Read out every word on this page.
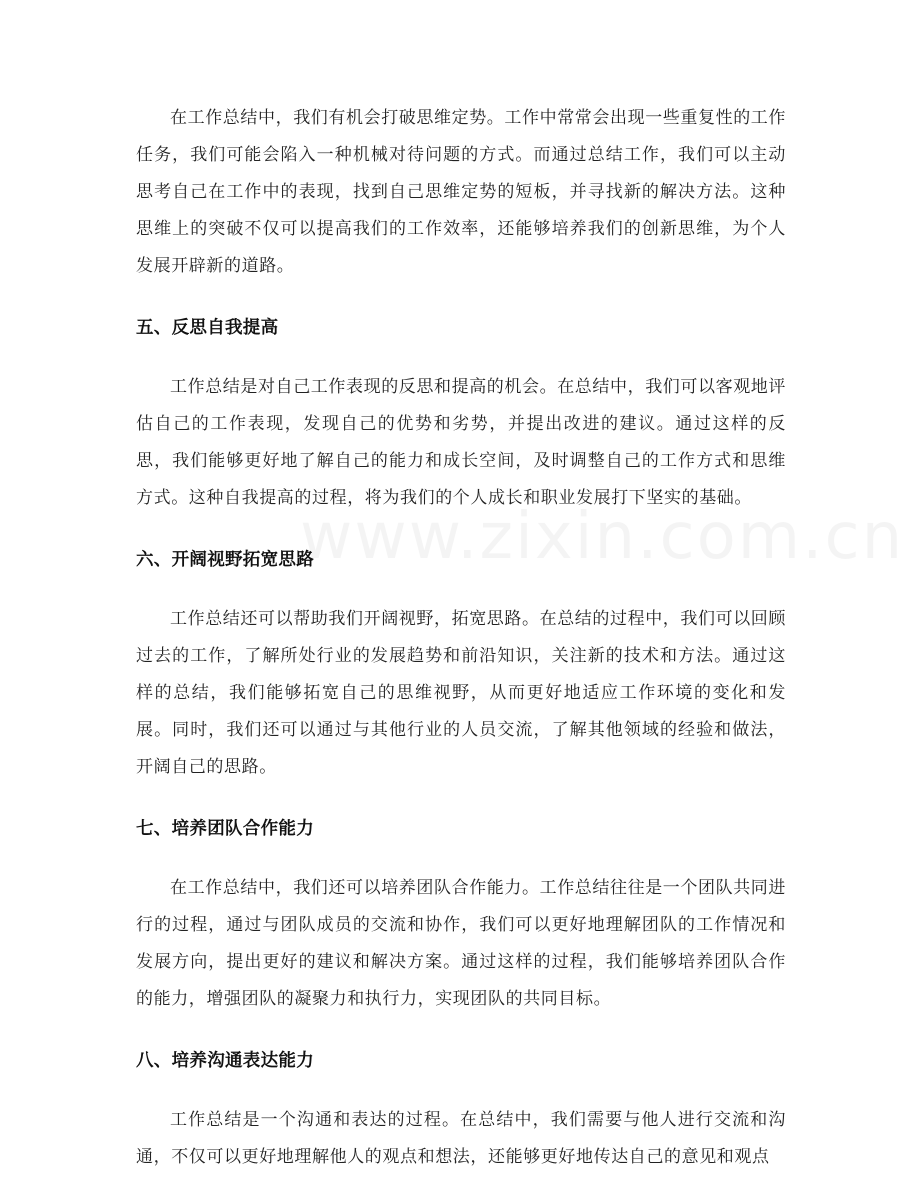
在工作总结中，我们有机会打破思维定势。工作中常常会出现一些重复性的工作任务，我们可能会陷入一种机械对待问题的方式。而通过总结工作，我们可以主动思考自己在工作中的表现，找到自己思维定势的短板，并寻找新的解决方法。这种思维上的突破不仅可以提高我们的工作效率，还能够培养我们的创新思维，为个人发展开辟新的道路。

五、反思自我提高

工作总结是对自己工作表现的反思和提高的机会。在总结中，我们可以客观地评估自己的工作表现，发现自己的优势和劣势，并提出改进的建议。通过这样的反思，我们能够更好地了解自己的能力和成长空间，及时调整自己的工作方式和思维方式。这种自我提高的过程，将为我们的个人成长和职业发展打下坚实的基础。

六、开阔视野拓宽思路

工作总结还可以帮助我们开阔视野，拓宽思路。在总结的过程中，我们可以回顾过去的工作，了解所处行业的发展趋势和前沿知识，关注新的技术和方法。通过这样的总结，我们能够拓宽自己的思维视野，从而更好地适应工作环境的变化和发展。同时，我们还可以通过与其他行业的人员交流，了解其他领域的经验和做法，开阔自己的思路。

七、培养团队合作能力

在工作总结中，我们还可以培养团队合作能力。工作总结往往是一个团队共同进行的过程，通过与团队成员的交流和协作，我们可以更好地理解团队的工作情况和发展方向，提出更好的建议和解决方案。通过这样的过程，我们能够培养团队合作的能力，增强团队的凝聚力和执行力，实现团队的共同目标。

八、培养沟通表达能力

工作总结是一个沟通和表达的过程。在总结中，我们需要与他人进行交流和沟通，不仅可以更好地理解他人的观点和想法，还能够更好地传达自己的意见和观点
